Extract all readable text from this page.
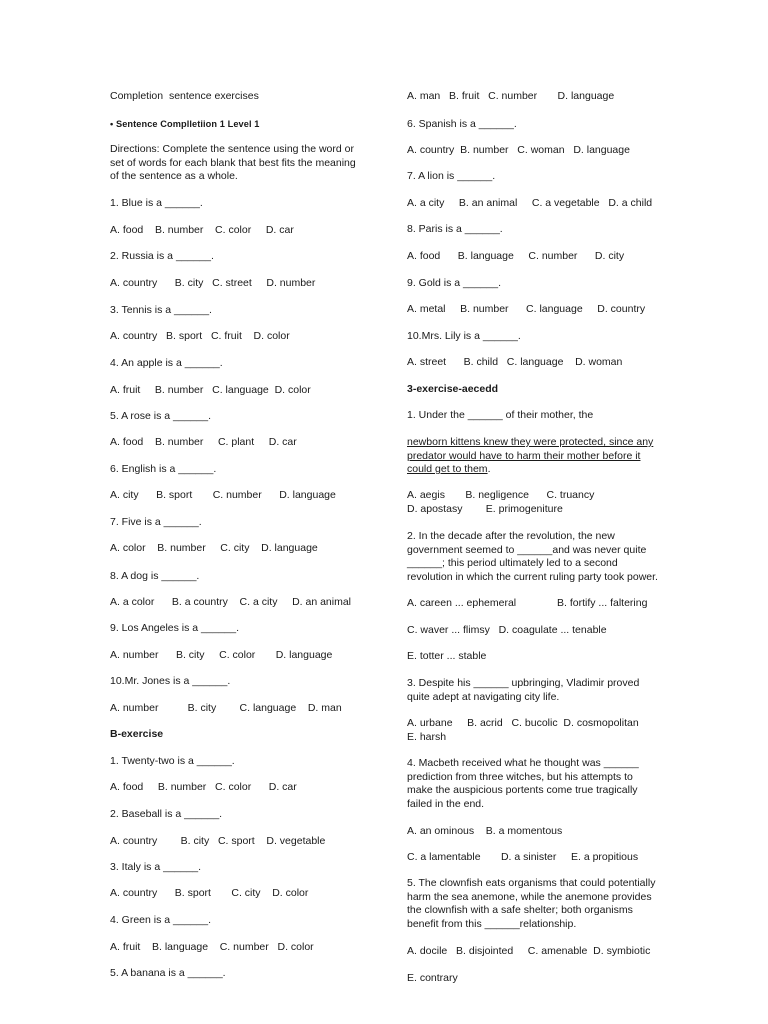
Completion  sentence exercises
• Sentence Complletiion 1 Level 1
Directions: Complete the sentence using the word or set of words for each blank that best fits the meaning of the sentence as a whole.
1. Blue is a ______.
A. food    B. number    C. color     D. car
2. Russia is a ______.
A. country      B. city   C. street     D. number
3. Tennis is a ______.
A. country   B. sport   C. fruit    D. color
4. An apple is a ______.
A. fruit     B. number   C. language  D. color
5. A rose is a ______.
A. food    B. number     C. plant     D. car
6. English is a ______.
A. city      B. sport       C. number      D. language
7. Five is a ______.
A. color    B. number     C. city    D. language
8. A dog is ______.
A. a color      B. a country    C. a city     D. an animal
9. Los Angeles is a ______.
A. number      B. city     C. color       D. language
10.Mr. Jones is a ______.
A. number          B. city        C. language    D. man
B-exercise
1. Twenty-two is a ______.
A. food     B. number   C. color      D. car
2. Baseball is a ______.
A. country        B. city   C. sport    D. vegetable
3. Italy is a ______.
A. country      B. sport       C. city    D. color
4. Green is a ______.
A. fruit    B. language    C. number   D. color
5. A banana is a ______.
A. man   B. fruit   C. number       D. language
6. Spanish is a ______.
A. country  B. number   C. woman   D. language
7. A lion is ______.
A. a city     B. an animal     C. a vegetable   D. a child
8. Paris is a ______.
A. food      B. language     C. number      D. city
9. Gold is a ______.
A. metal     B. number      C. language     D. country
10.Mrs. Lily is a ______.
A. street      B. child   C. language    D. woman
3-exercise-aecedd
1. Under the ______ of their mother, the
newborn kittens knew they were protected, since any predator would have to harm their mother before it could get to them.
A. aegis       B. negligence      C. truancy
D. apostasy        E. primogeniture
2. In the decade after the revolution, the new government seemed to ______and was never quite ______; this period ultimately led to a second revolution in which the current ruling party took power.
A. careen ... ephemeral              B. fortify ... faltering
C. waver ... flimsy   D. coagulate ... tenable
E. totter ... stable
3. Despite his ______ upbringing, Vladimir proved quite adept at navigating city life.
A. urbane     B. acrid   C. bucolic  D. cosmopolitan
E. harsh
4. Macbeth received what he thought was ______ prediction from three witches, but his attempts to make the auspicious portents come true tragically failed in the end.
A. an ominous    B. a momentous
C. a lamentable       D. a sinister     E. a propitious
5. The clownfish eats organisms that could potentially harm the sea anemone, while the anemone provides the clownfish with a safe shelter; both organisms benefit from this ______relationship.
A. docile   B. disjointed     C. amenable  D. symbiotic
E. contrary
